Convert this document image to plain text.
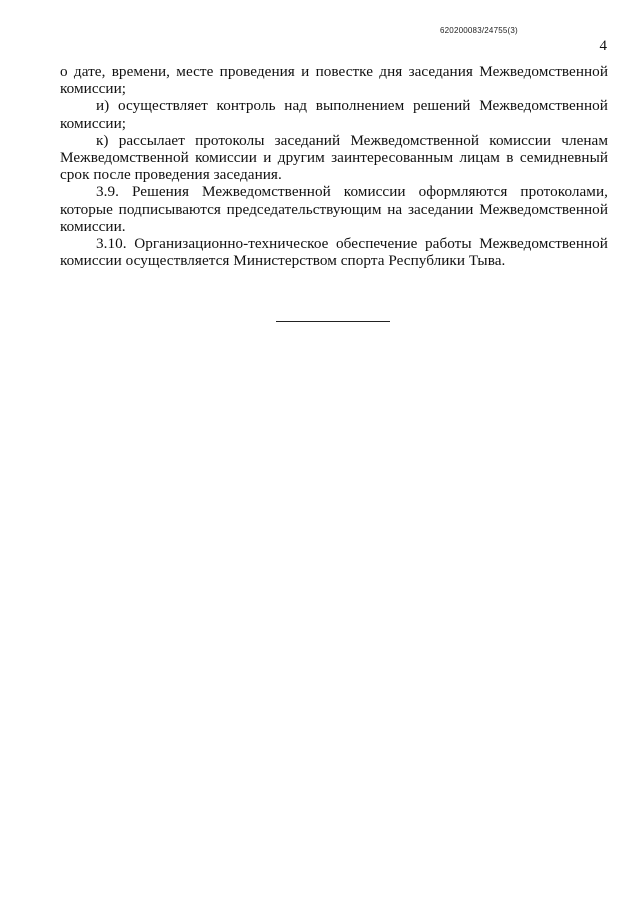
620200083/24755(3)
4

о дате, времени, месте проведения и повестке дня заседания Межведомственной комиссии;

и) осуществляет контроль над выполнением решений Межведомственной комиссии;

к) рассылает протоколы заседаний Межведомственной комиссии членам Межведомственной комиссии и другим заинтересованным лицам в семидневный срок после проведения заседания.

3.9. Решения Межведомственной комиссии оформляются протоколами, которые подписываются председательствующим на заседании Межведомственной комиссии.

3.10. Организационно-техническое обеспечение работы Межведомственной комиссии осуществляется Министерством спорта Республики Тыва.
